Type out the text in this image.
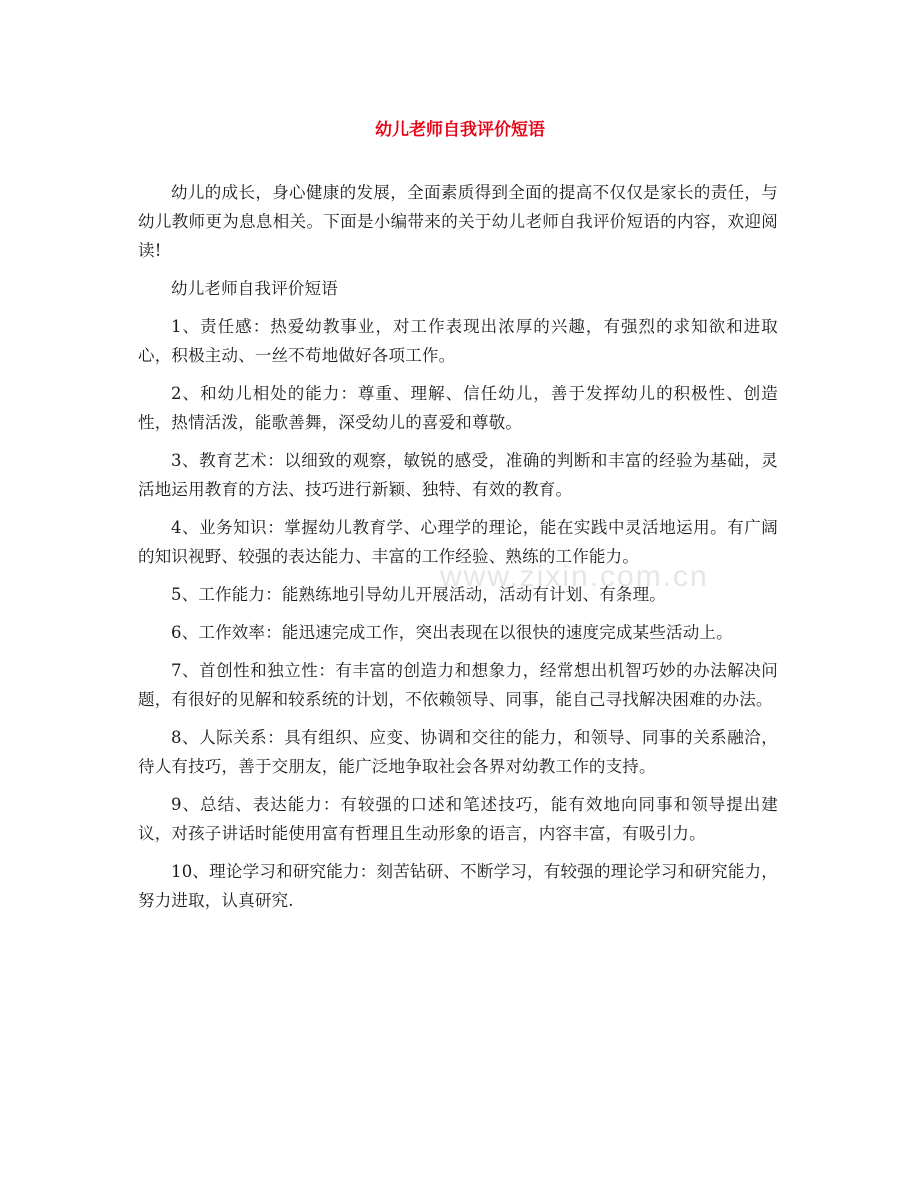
幼儿老师自我评价短语

幼儿的成长，身心健康的发展，全面素质得到全面的提高不仅仅是家长的责任，与幼儿教师更为息息相关。下面是小编带来的关于幼儿老师自我评价短语的内容，欢迎阅读!

幼儿老师自我评价短语

1、责任感：热爱幼教事业，对工作表现出浓厚的兴趣，有强烈的求知欲和进取心，积极主动、一丝不苟地做好各项工作。

2、和幼儿相处的能力：尊重、理解、信任幼儿，善于发挥幼儿的积极性、创造性，热情活泼，能歌善舞，深受幼儿的喜爱和尊敬。

3、教育艺术：以细致的观察，敏锐的感受，准确的判断和丰富的经验为基础，灵活地运用教育的方法、技巧进行新颖、独特、有效的教育。

4、业务知识：掌握幼儿教育学、心理学的理论，能在实践中灵活地运用。有广阔的知识视野、较强的表达能力、丰富的工作经验、熟练的工作能力。

5、工作能力：能熟练地引导幼儿开展活动，活动有计划、有条理。

6、工作效率：能迅速完成工作，突出表现在以很快的速度完成某些活动上。

7、首创性和独立性：有丰富的创造力和想象力，经常想出机智巧妙的办法解决问题，有很好的见解和较系统的计划，不依赖领导、同事，能自己寻找解决困难的办法。

8、人际关系：具有组织、应变、协调和交往的能力，和领导、同事的关系融洽，待人有技巧，善于交朋友，能广泛地争取社会各界对幼教工作的支持。

9、总结、表达能力：有较强的口述和笔述技巧，能有效地向同事和领导提出建议，对孩子讲话时能使用富有哲理且生动形象的语言，内容丰富，有吸引力。

10、理论学习和研究能力：刻苦钻研、不断学习，有较强的理论学习和研究能力，努力进取，认真研究.

www.zixin.com.cn
